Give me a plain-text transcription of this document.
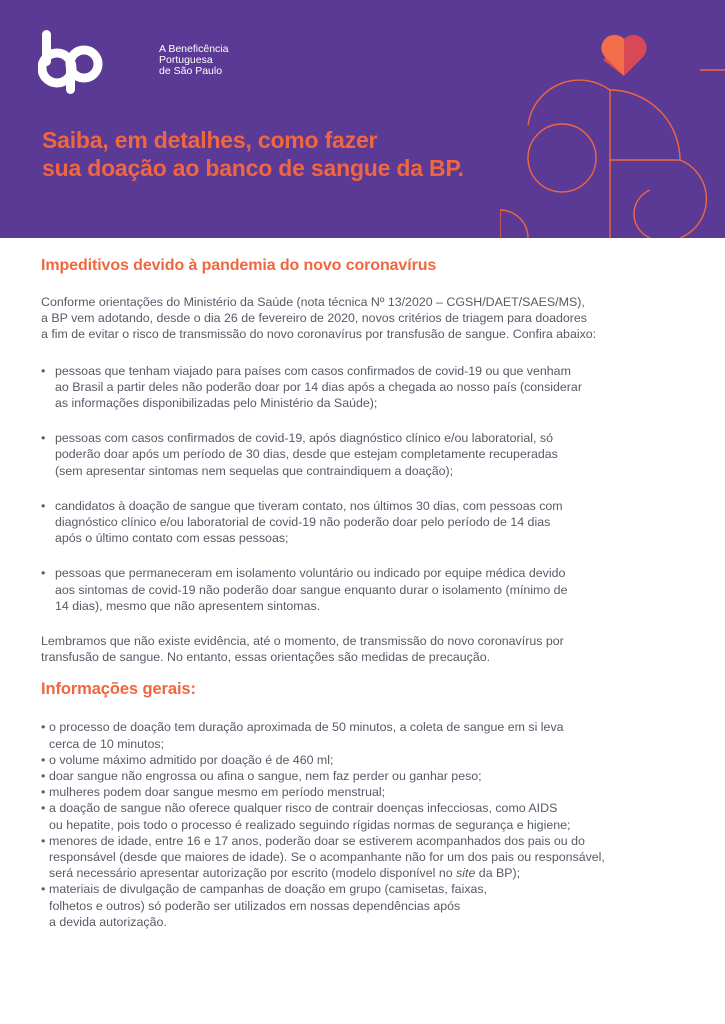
A Beneficência
Portuguesa
de São Paulo
Saiba, em detalhes, como fazer
sua doação ao banco de sangue da BP.
Impeditivos devido à pandemia do novo coronavírus

Conforme orientações do Ministério da Saúde (nota técnica Nº 13/2020 – CGSH/DAET/SAES/MS),
a BP vem adotando, desde o dia 26 de fevereiro de 2020, novos critérios de triagem para doadores
a fim de evitar o risco de transmissão do novo coronavírus por transfusão de sangue. Confira abaixo:

• pessoas que tenham viajado para países com casos confirmados de covid-19 ou que venham
ao Brasil a partir deles não poderão doar por 14 dias após a chegada ao nosso país (considerar
as informações disponibilizadas pelo Ministério da Saúde);
• pessoas com casos confirmados de covid-19, após diagnóstico clínico e/ou laboratorial, só
poderão doar após um período de 30 dias, desde que estejam completamente recuperadas
(sem apresentar sintomas nem sequelas que contraindiquem a doação);
• candidatos à doação de sangue que tiveram contato, nos últimos 30 dias, com pessoas com
diagnóstico clínico e/ou laboratorial de covid-19 não poderão doar pelo período de 14 dias
após o último contato com essas pessoas;
• pessoas que permaneceram em isolamento voluntário ou indicado por equipe médica devido
aos sintomas de covid-19 não poderão doar sangue enquanto durar o isolamento (mínimo de
14 dias), mesmo que não apresentem sintomas.

Lembramos que não existe evidência, até o momento, de transmissão do novo coronavírus por
transfusão de sangue. No entanto, essas orientações são medidas de precaução.

Informações gerais:
• o processo de doação tem duração aproximada de 50 minutos, a coleta de sangue em si leva
cerca de 10 minutos;
• o volume máximo admitido por doação é de 460 ml;
• doar sangue não engrossa ou afina o sangue, nem faz perder ou ganhar peso;
• mulheres podem doar sangue mesmo em período menstrual;
• a doação de sangue não oferece qualquer risco de contrair doenças infecciosas, como AIDS
ou hepatite, pois todo o processo é realizado seguindo rígidas normas de segurança e higiene;
• menores de idade, entre 16 e 17 anos, poderão doar se estiverem acompanhados dos pais ou do
responsável (desde que maiores de idade). Se o acompanhante não for um dos pais ou responsável,
será necessário apresentar autorização por escrito (modelo disponível no site da BP);
• materiais de divulgação de campanhas de doação em grupo (camisetas, faixas,
folhetos e outros) só poderão ser utilizados em nossas dependências após
a devida autorização.
